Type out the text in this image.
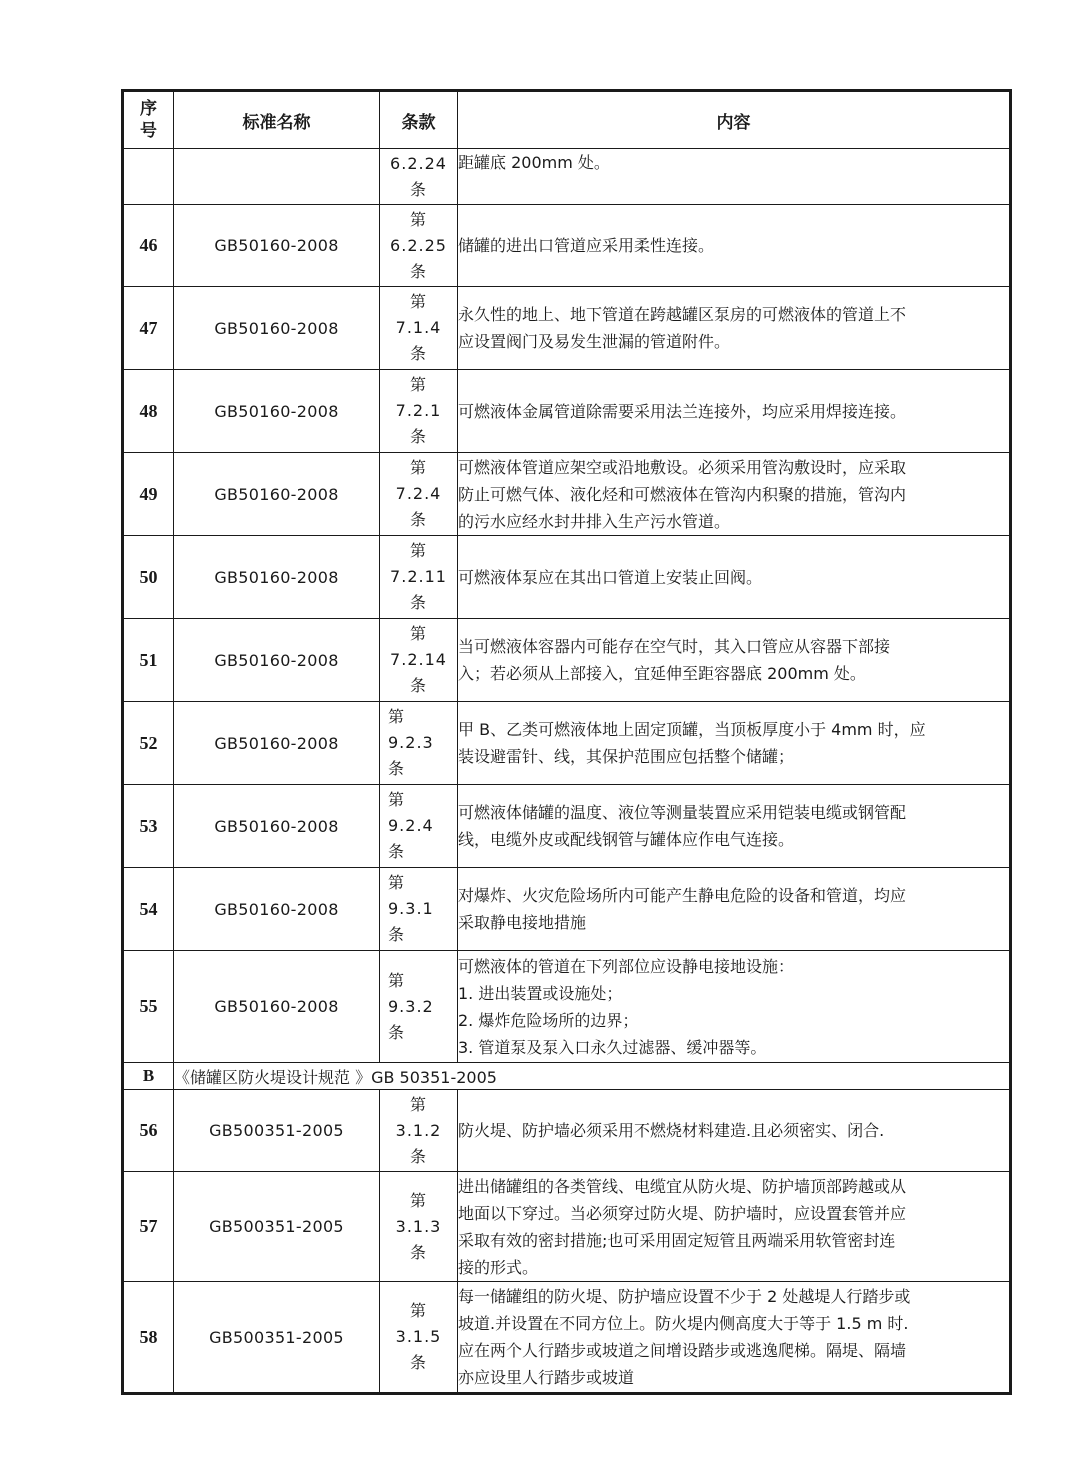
序号	标准名称	条款	内容

		6.2.24
条	距罐底 200mm 处。

46	GB50160-2008	第
6.2.25
条	储罐的进出口管道应采用柔性连接。

47	GB50160-2008	第
7.1.4
条	永久性的地上、地下管道在跨越罐区泵房的可燃液体的管道上不
应设置阀门及易发生泄漏的管道附件。

48	GB50160-2008	第
7.2.1
条	可燃液体金属管道除需要采用法兰连接外，均应采用焊接连接。

49	GB50160-2008	第
7.2.4
条	可燃液体管道应架空或沿地敷设。必须采用管沟敷设时，应采取
防止可燃气体、液化烃和可燃液体在管沟内积聚的措施，管沟内
的污水应经水封井排入生产污水管道。

50	GB50160-2008	第
7.2.11
条	可燃液体泵应在其出口管道上安装止回阀。

51	GB50160-2008	第
7.2.14
条	当可燃液体容器内可能存在空气时，其入口管应从容器下部接
入；若必须从上部接入，宜延伸至距容器底 200mm 处。

52	GB50160-2008	第
9.2.3
条	甲 B、乙类可燃液体地上固定顶罐，当顶板厚度小于 4mm 时，应
装设避雷针、线，其保护范围应包括整个储罐；

53	GB50160-2008	第
9.2.4
条	可燃液体储罐的温度、液位等测量装置应采用铠装电缆或钢管配
线，电缆外皮或配线钢管与罐体应作电气连接。

54	GB50160-2008	第
9.3.1
条	对爆炸、火灾危险场所内可能产生静电危险的设备和管道，均应
采取静电接地措施

55	GB50160-2008	第
9.3.2
条	可燃液体的管道在下列部位应设静电接地设施：
1. 进出装置或设施处；
2. 爆炸危险场所的边界；
3. 管道泵及泵入口永久过滤器、缓冲器等。

B	《储罐区防火堤设计规范 》GB 50351-2005		
56	GB500351-2005	第
3.1.2
条	防火堤、防护墙必须采用不燃烧材料建造.且必须密实、闭合.

57	GB500351-2005	第
3.1.3
条	进出储罐组的各类管线、电缆宜从防火堤、防护墙顶部跨越或从
地面以下穿过。当必须穿过防火堤、防护墙时，应设置套管并应
采取有效的密封措施;也可采用固定短管且两端采用软管密封连
接的形式。

58	GB500351-2005	第
3.1.5
条	每一储罐组的防火堤、防护墙应设置不少于 2 处越堤人行踏步或
坡道.并设置在不同方位上。防火堤内侧高度大于等于 1.5 m 时.
应在两个人行踏步或坡道之间增设踏步或逃逸爬梯。隔堤、隔墙
亦应设里人行踏步或坡道
